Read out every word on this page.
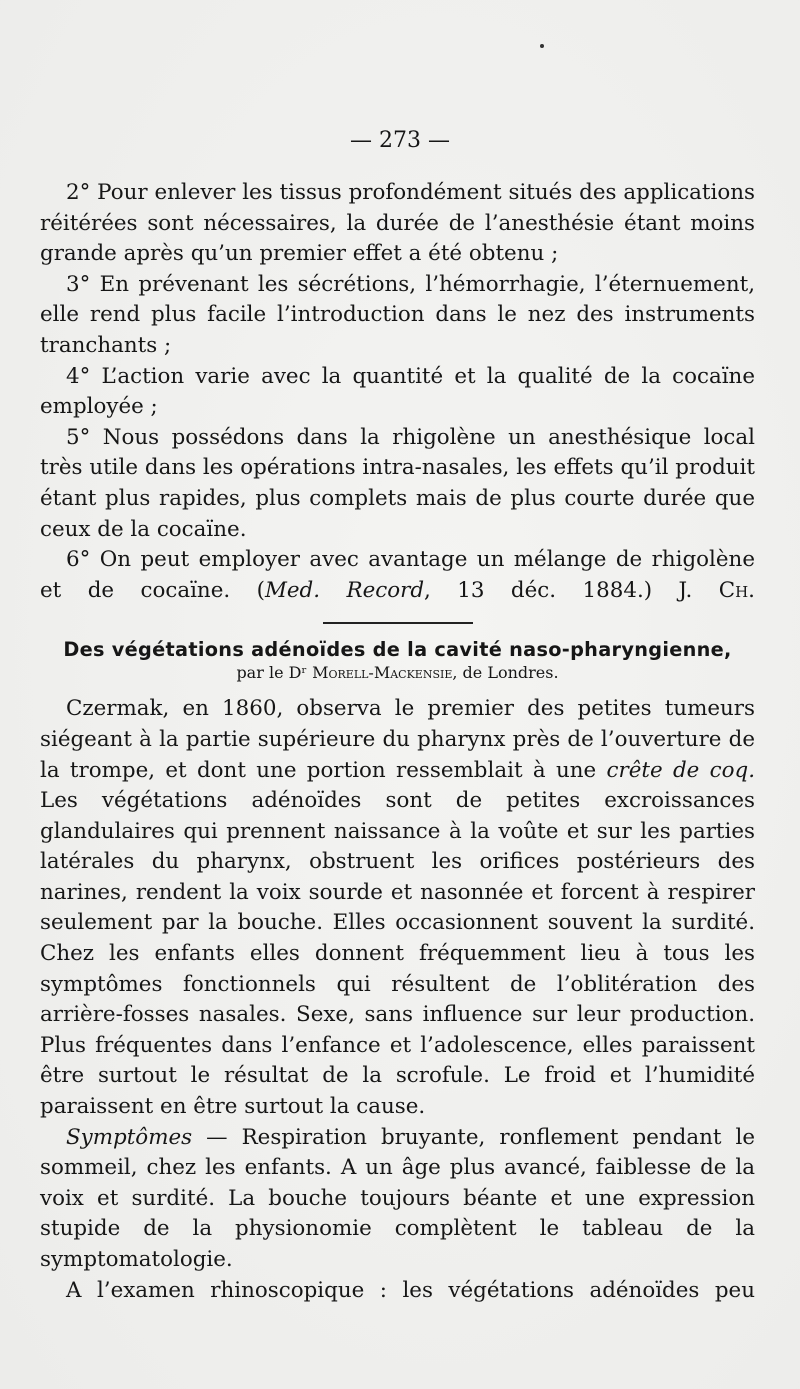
— 273 —

2° Pour enlever les tissus profondément situés des applications réitérées sont nécessaires, la durée de l’anesthésie étant moins grande après qu’un premier effet a été obtenu ;

3° En prévenant les sécrétions, l’hémorrhagie, l’éternuement, elle rend plus facile l’introduction dans le nez des instruments tranchants ;

4° L’action varie avec la quantité et la qualité de la cocaïne employée ;

5° Nous possédons dans la rhigolène un anesthésique local très utile dans les opérations intra-nasales, les effets qu’il produit étant plus rapides, plus complets mais de plus courte durée que ceux de la cocaïne.

6° On peut employer avec avantage un mélange de rhigolène et de cocaïne. (Med. Record, 13 déc. 1884.) J. Ch.

Des végétations adénoïdes de la cavité naso-pharyngienne,

par le Dʳ Morell-Mackensie, de Londres.

Czermak, en 1860, observa le premier des petites tumeurs siégeant à la partie supérieure du pharynx près de l’ouverture de la trompe, et dont une portion ressemblait à une crête de coq. Les végétations adénoïdes sont de petites excroissances glandulaires qui prennent naissance à la voûte et sur les parties latérales du pharynx, obstruent les orifices postérieurs des narines, rendent la voix sourde et nasonnée et forcent à respirer seulement par la bouche. Elles occasionnent souvent la surdité. Chez les enfants elles donnent fréquemment lieu à tous les symptômes fonctionnels qui résultent de l’oblitération des arrière-fosses nasales. Sexe, sans influence sur leur production. Plus fréquentes dans l’enfance et l’adolescence, elles paraissent être surtout le résultat de la scrofule. Le froid et l’humidité paraissent en être surtout la cause.

Symptômes — Respiration bruyante, ronflement pendant le sommeil, chez les enfants. A un âge plus avancé, faiblesse de la voix et surdité. La bouche toujours béante et une expression stupide de la physionomie complètent le tableau de la symptomatologie.

A l’examen rhinoscopique : les végétations adénoïdes peu
